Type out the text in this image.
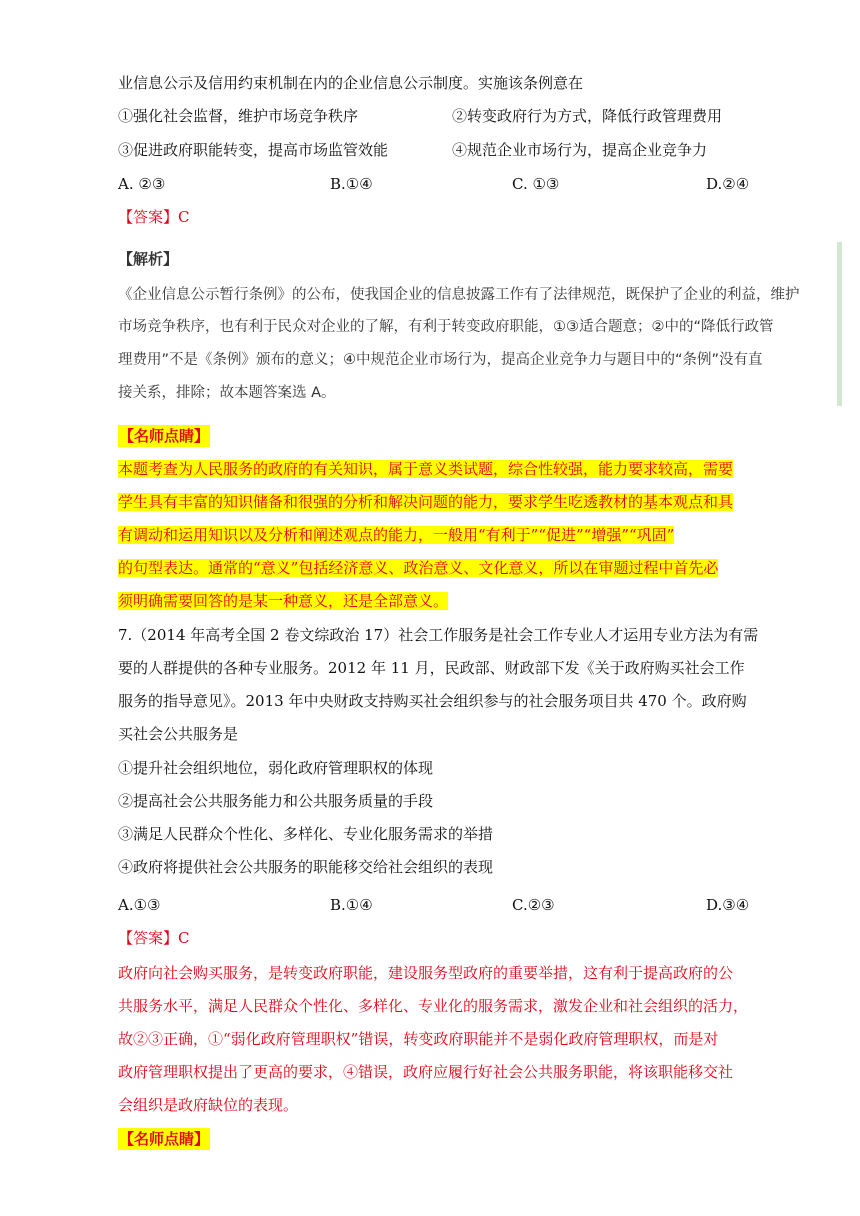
业信息公示及信用约束机制在内的企业信息公示制度。实施该条例意在
①强化社会监督，维护市场竞争秩序	②转变政府行为方式，降低行政管理费用
③促进政府职能转变，提高市场监管效能	④规范企业市场行为，提高企业竞争力
A. ②③	B.①④	C. ①③	D.②④
【答案】C
【解析】
《企业信息公示暂行条例》的公布，使我国企业的信息披露工作有了法律规范，既保护了企业的利益，维护
市场竞争秩序，也有利于民众对企业的了解，有利于转变政府职能，①③适合题意；②中的“降低行政管
理费用”不是《条例》颁布的意义；④中规范企业市场行为，提高企业竞争力与题目中的“条例”没有直
接关系，排除；故本题答案选 A。
【名师点睛】
本题考查为人民服务的政府的有关知识，属于意义类试题，综合性较强，能力要求较高，需要
学生具有丰富的知识储备和很强的分析和解决问题的能力，要求学生吃透教材的基本观点和具
有调动和运用知识以及分析和阐述观点的能力，一般用“有利于”“促进”“增强”“巩固”
的句型表达。通常的“意义”包括经济意义、政治意义、文化意义，所以在审题过程中首先必
须明确需要回答的是某一种意义，还是全部意义。
7.（2014 年高考全国 2 卷文综政治 17）社会工作服务是社会工作专业人才运用专业方法为有需
要的人群提供的各种专业服务。2012 年 11 月，民政部、财政部下发《关于政府购买社会工作
服务的指导意见》。2013 年中央财政支持购买社会组织参与的社会服务项目共 470 个。政府购
买社会公共服务是
①提升社会组织地位，弱化政府管理职权的体现
②提高社会公共服务能力和公共服务质量的手段
③满足人民群众个性化、多样化、专业化服务需求的举措
④政府将提供社会公共服务的职能移交给社会组织的表现
A.①③	B.①④	C.②③	D.③④
【答案】C
政府向社会购买服务，是转变政府职能，建设服务型政府的重要举措，这有利于提高政府的公
共服务水平，满足人民群众个性化、多样化、专业化的服务需求，激发企业和社会组织的活力，
故②③正确，①“弱化政府管理职权”错误，转变政府职能并不是弱化政府管理职权，而是对
政府管理职权提出了更高的要求，④错误，政府应履行好社会公共服务职能，将该职能移交社
会组织是政府缺位的表现。
【名师点睛】
